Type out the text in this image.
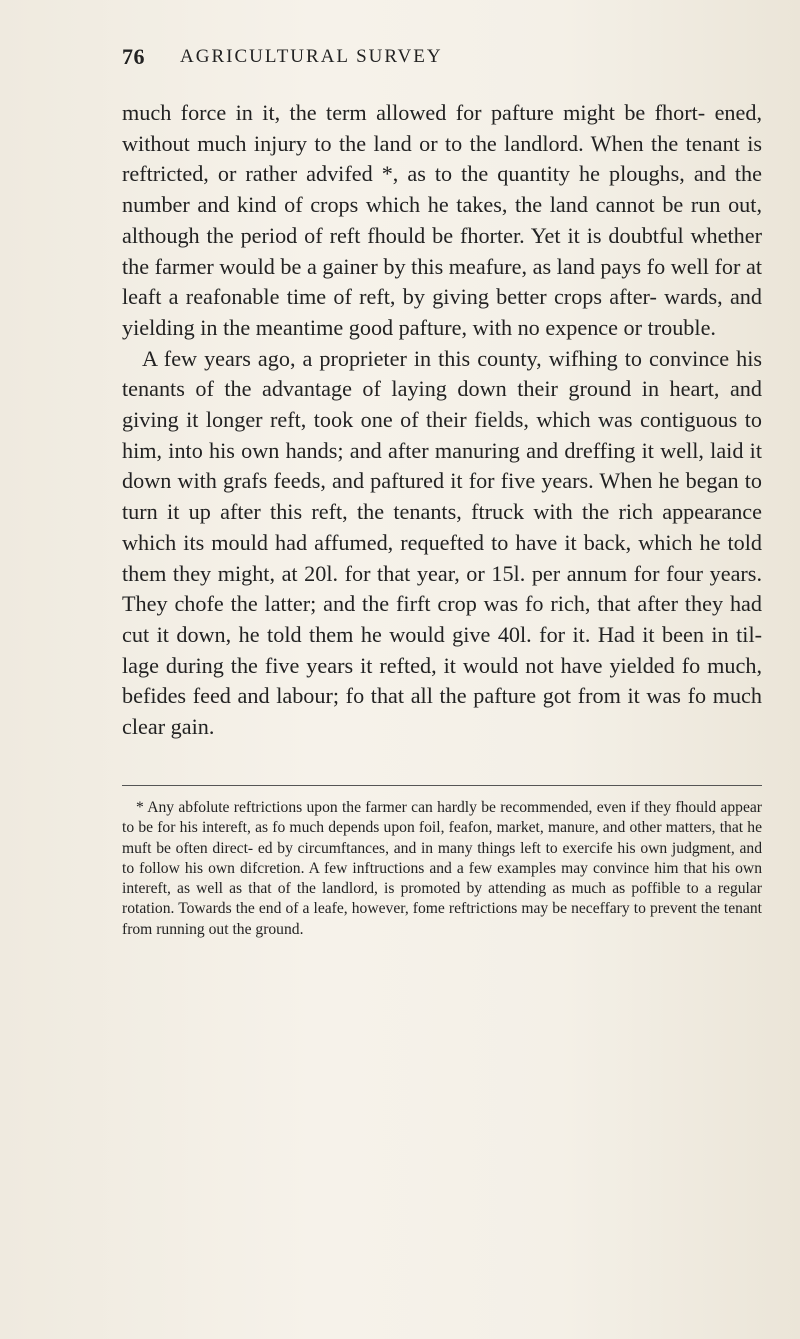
76 AGRICULTURAL SURVEY

much force in it, the term allowed for pafture might be fhort- ened, without much injury to the land or to the landlord. When the tenant is reftricted, or rather advifed *, as to the quantity he ploughs, and the number and kind of crops which he takes, the land cannot be run out, although the period of reft fhould be fhorter. Yet it is doubtful whether the farmer would be a gainer by this meafure, as land pays fo well for at leaft a reafonable time of reft, by giving better crops after- wards, and yielding in the meantime good pafture, with no expence or trouble.

A few years ago, a proprieter in this county, wifhing to convince his tenants of the advantage of laying down their ground in heart, and giving it longer reft, took one of their fields, which was contiguous to him, into his own hands; and after manuring and dreffing it well, laid it down with grafs feeds, and paftured it for five years. When he began to turn it up after this reft, the tenants, ftruck with the rich appearance which its mould had affumed, requefted to have it back, which he told them they might, at 20l. for that year, or 15l. per annum for four years. They chofe the latter; and the firft crop was fo rich, that after they had cut it down, he told them he would give 40l. for it. Had it been in til- lage during the five years it refted, it would not have yielded fo much, befides feed and labour; fo that all the pafture got from it was fo much clear gain.

* Any abfolute reftrictions upon the farmer can hardly be recommended, even if they fhould appear to be for his intereft, as fo much depends upon foil, feafon, market, manure, and other matters, that he muft be often direct- ed by circumftances, and in many things left to exercife his own judgment, and to follow his own difcretion. A few inftructions and a few examples may convince him that his own intereft, as well as that of the landlord, is promoted by attending as much as poffible to a regular rotation. Towards the end of a leafe, however, fome reftrictions may be neceffary to prevent the tenant from running out the ground.
